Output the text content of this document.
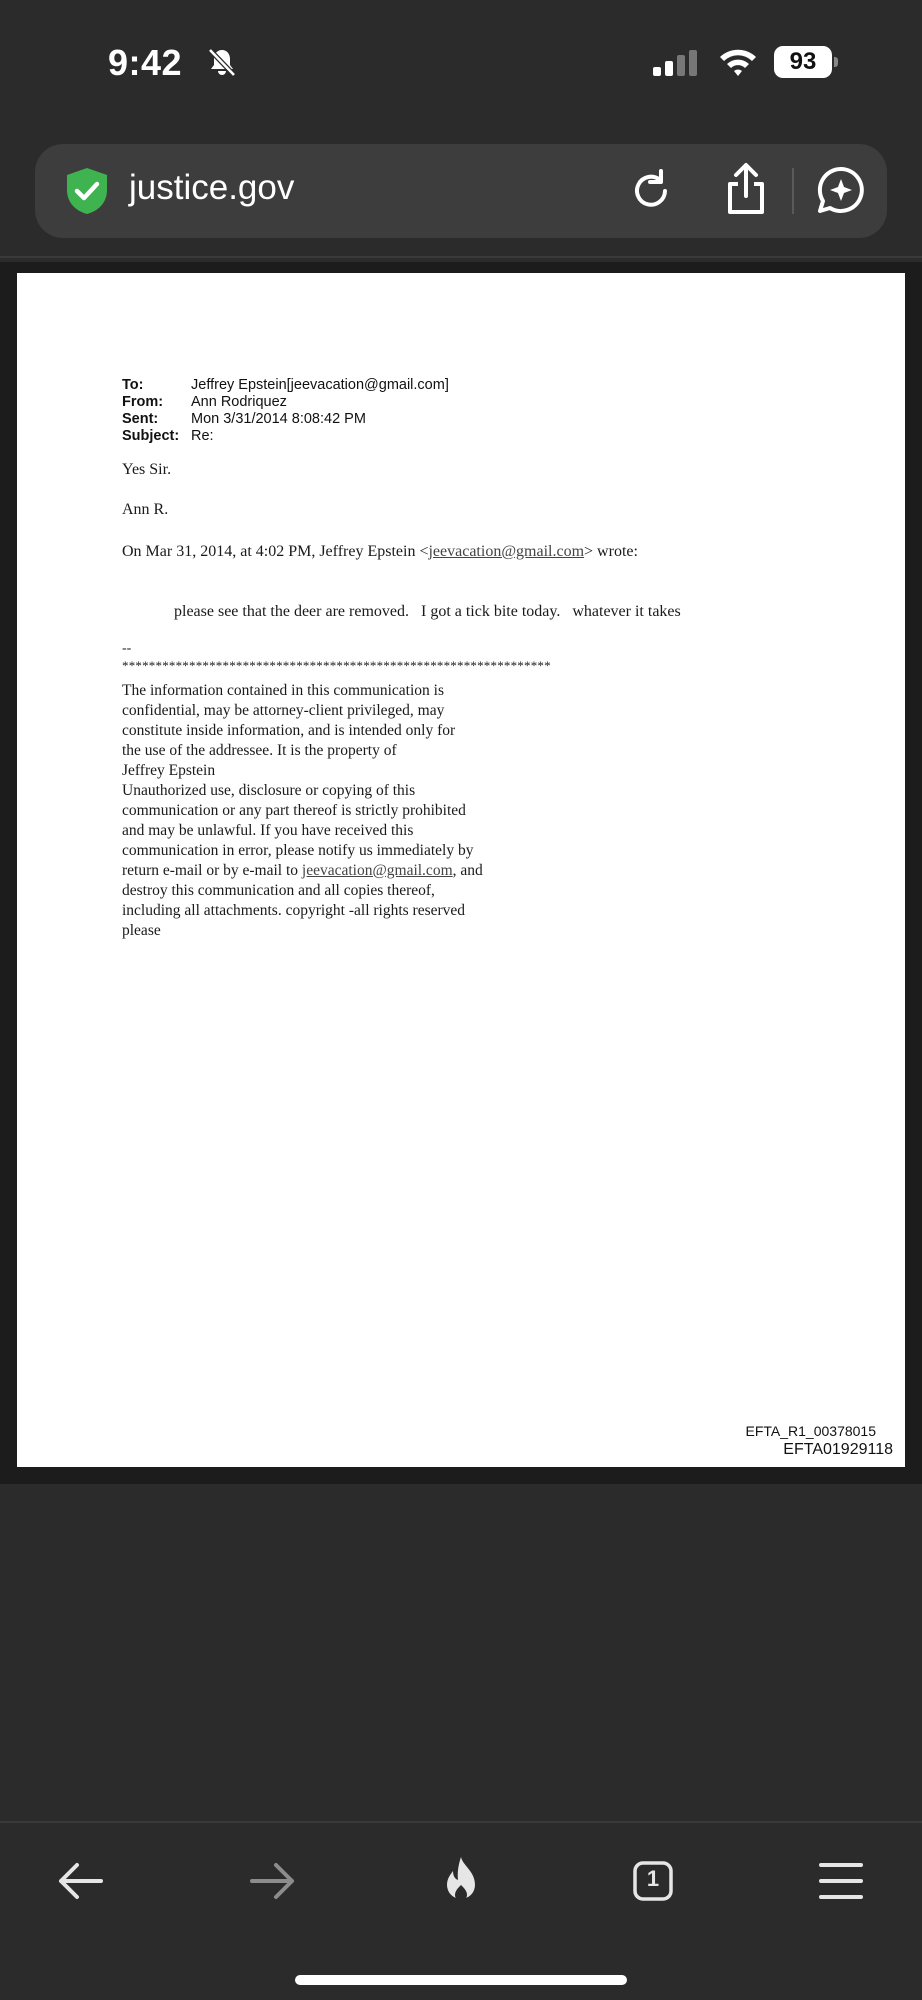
9:42	93
justice.gov
To:	Jeffrey Epstein[jeevacation@gmail.com]
From: Ann Rodriquez
Sent: Mon 3/31/2014 8:08:42 PM
Subject: Re:
Yes Sir.
Ann R.
On Mar 31, 2014, at 4:02 PM, Jeffrey Epstein <jeevacation@gmail.com> wrote:
please see that the deer are removed.   I got a tick bite today.   whatever it takes
--
****************************************************************
The information contained in this communication is
confidential, may be attorney-client privileged, may
constitute inside information, and is intended only for
the use of the addressee. It is the property of
Jeffrey Epstein
Unauthorized use, disclosure or copying of this
communication or any part thereof is strictly prohibited
and may be unlawful. If you have received this
communication in error, please notify us immediately by
return e-mail or by e-mail to jeevacation@gmail.com, and
destroy this communication and all copies thereof,
including all attachments. copyright -all rights reserved
please
EFTA_R1_00378015
EFTA01929118
1
